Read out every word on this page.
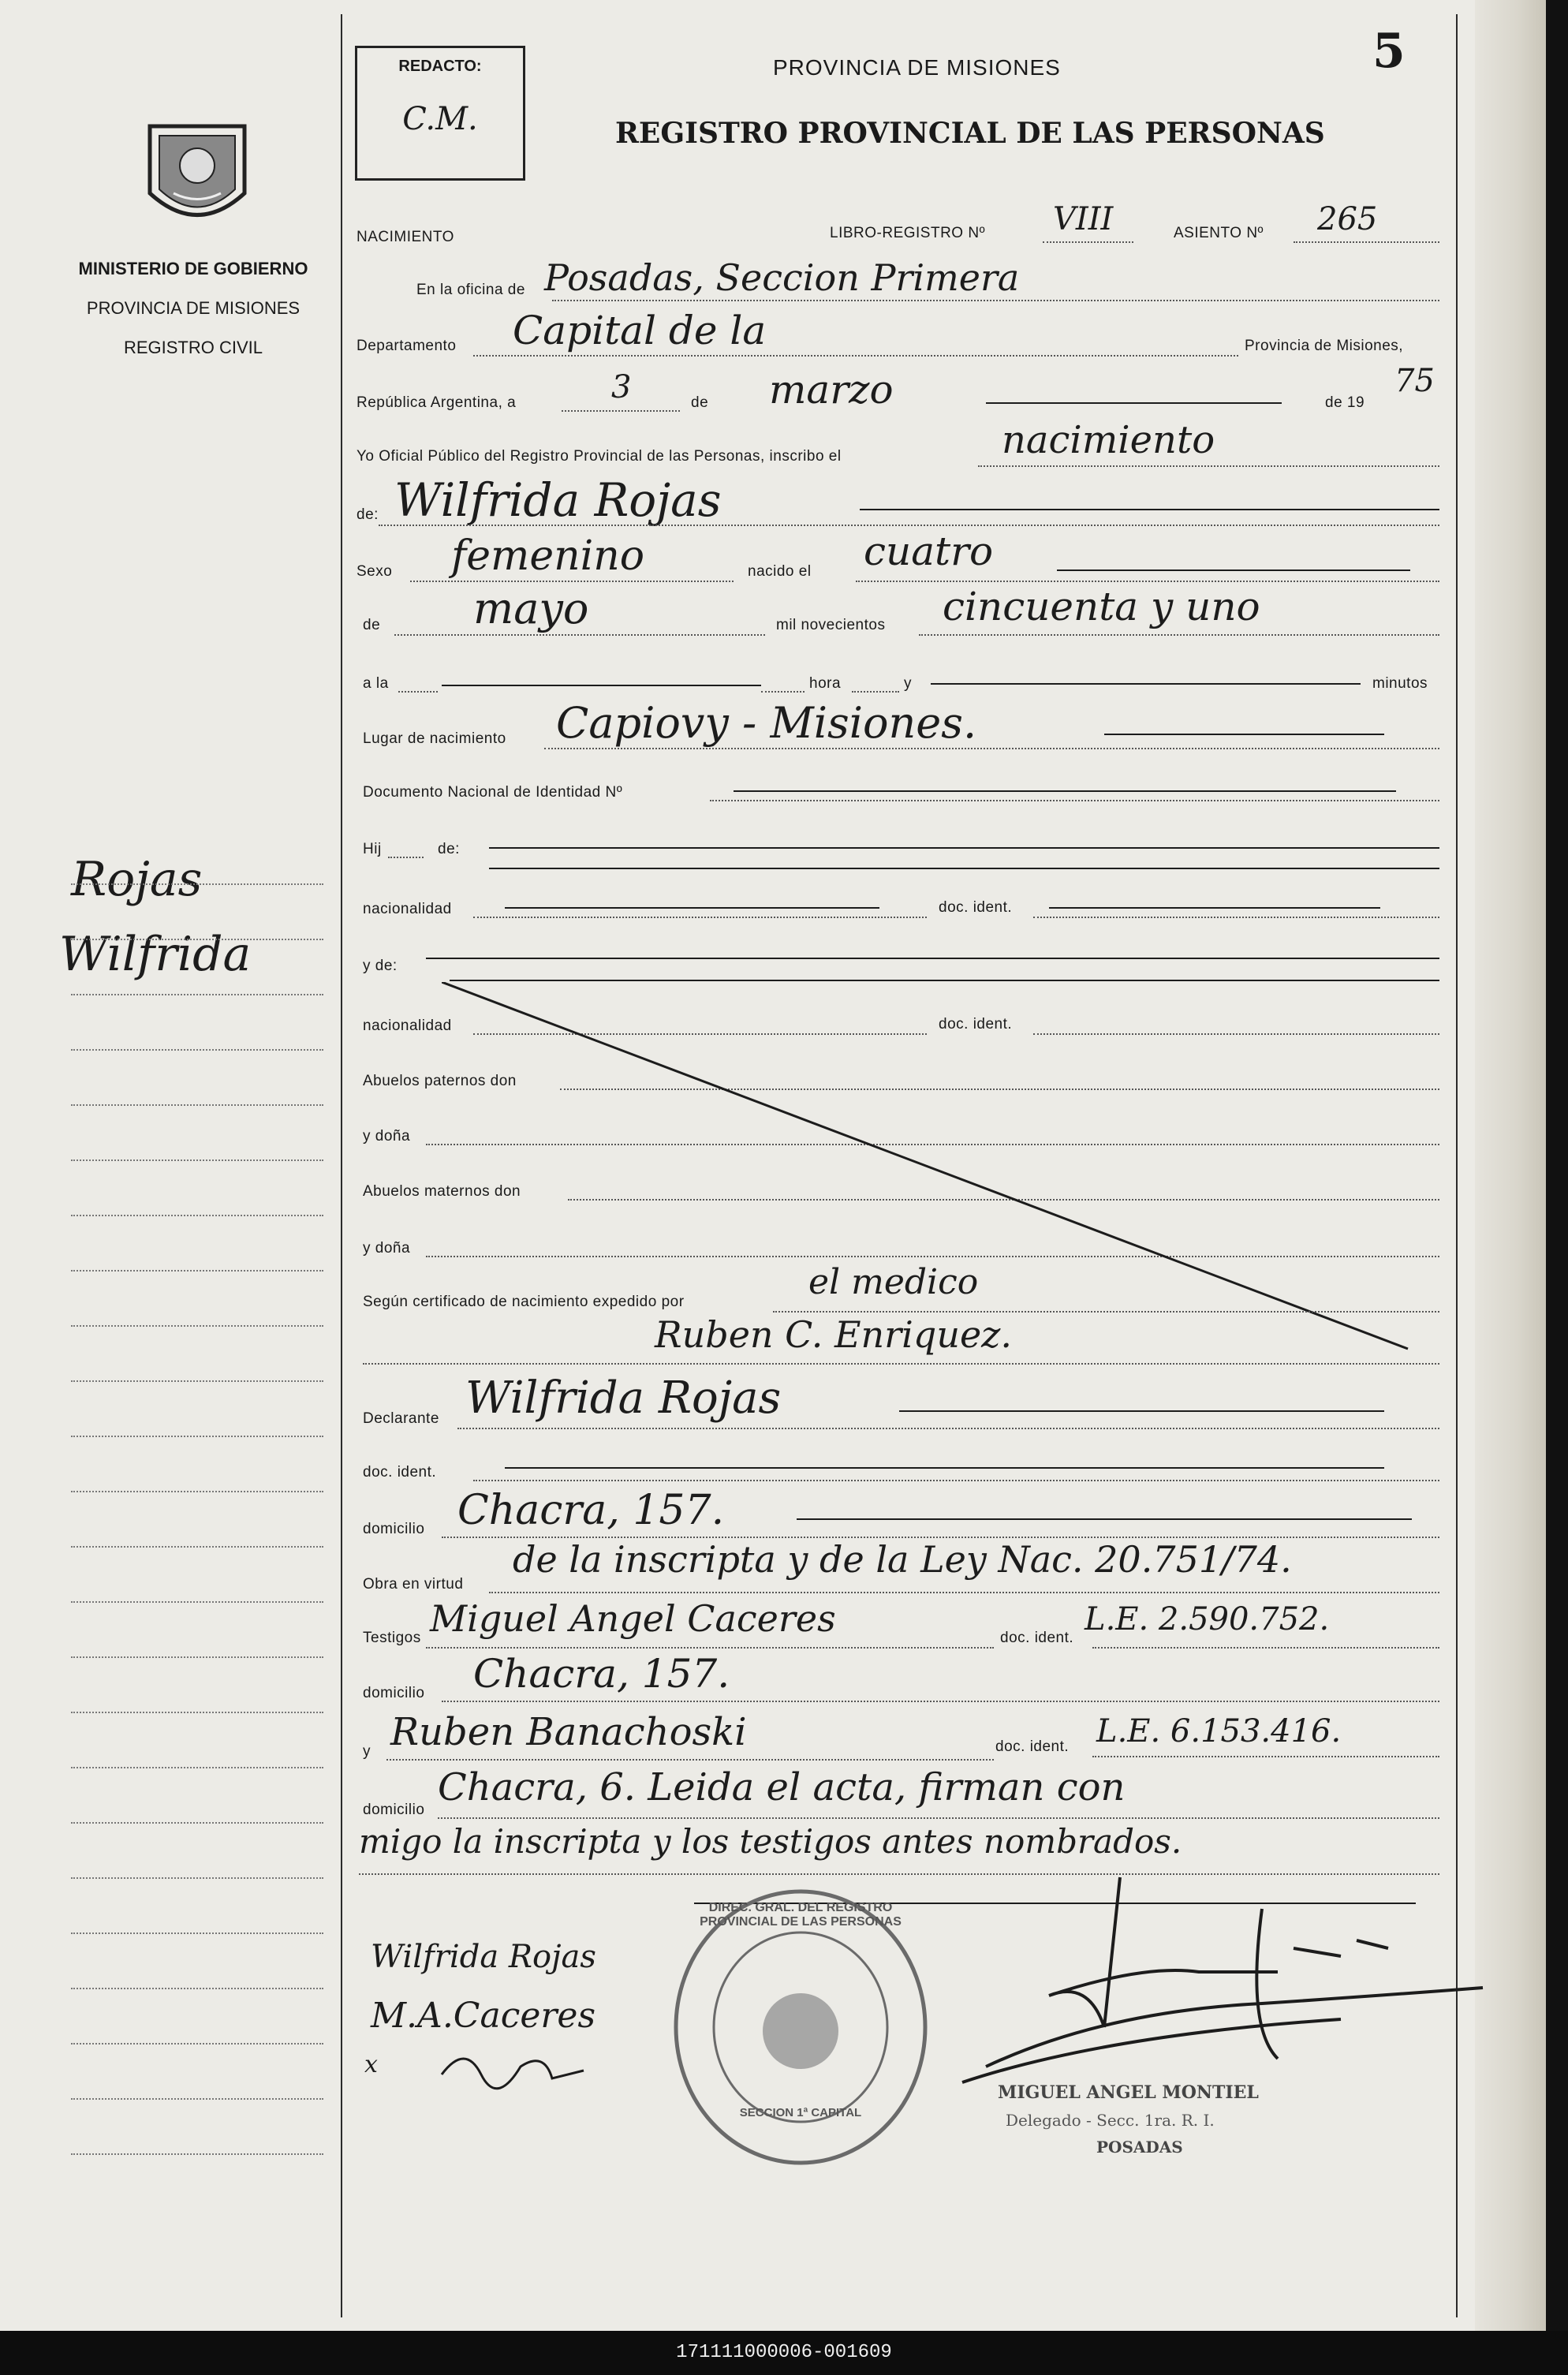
5
REDACTO:
C.M.
PROVINCIA DE MISIONES
REGISTRO PROVINCIAL DE LAS PERSONAS
MINISTERIO DE GOBIERNO
PROVINCIA DE MISIONES
REGISTRO CIVIL
Rojas
Wilfrida
NACIMIENTO	LIBRO-REGISTRO Nº VIII	ASIENTO Nº 265
En la oficina de Posadas, Seccion Primera
Departamento Capital de la	Provincia de Misiones,
República Argentina, a	3	de marzo	de 19
75
Yo Oficial Público del Registro Provincial de las Personas, inscribo el	nacimiento
de: Wilfrida Rojas
Sexo femenino	nacido el cuatro
de mayo	mil novecientos cincuenta y uno
a la	hora	y	minutos
Lugar de nacimiento Capiovy - Misiones.
Documento Nacional de Identidad Nº
Hij	de:
nacionalidad	doc. ident.
y de:
nacionalidad	doc. ident.
Abuelos paternos don
y doña
Abuelos maternos don
y doña
Según certificado de nacimiento expedido por	el medico
Ruben C. Enriquez.
Declarante Wilfrida Rojas
doc. ident.
domicilio Chacra, 157.
Obra en virtud
de la inscripta y de la Ley Nac. 20.751/74.
Testigos Miguel Angel Caceres	doc. ident.
L.E. 2.590.752.
domicilio Chacra, 157.
y Ruben Banachoski	doc. ident. L.E. 6.153.416.
domicilio
Chacra, 6. Leida el acta, firman con
migo la inscripta y los testigos antes nombrados.
Wilfrida Rojas
M.A.Caceres
x
DIREC. GRAL. DEL REGISTRO PROVINCIAL DE LAS PERSONAS
SECCION 1ª CAPITAL
MIGUEL ANGEL MONTIEL
Delegado - Secc. 1ra. R. I.
POSADAS
171111000006-001609
